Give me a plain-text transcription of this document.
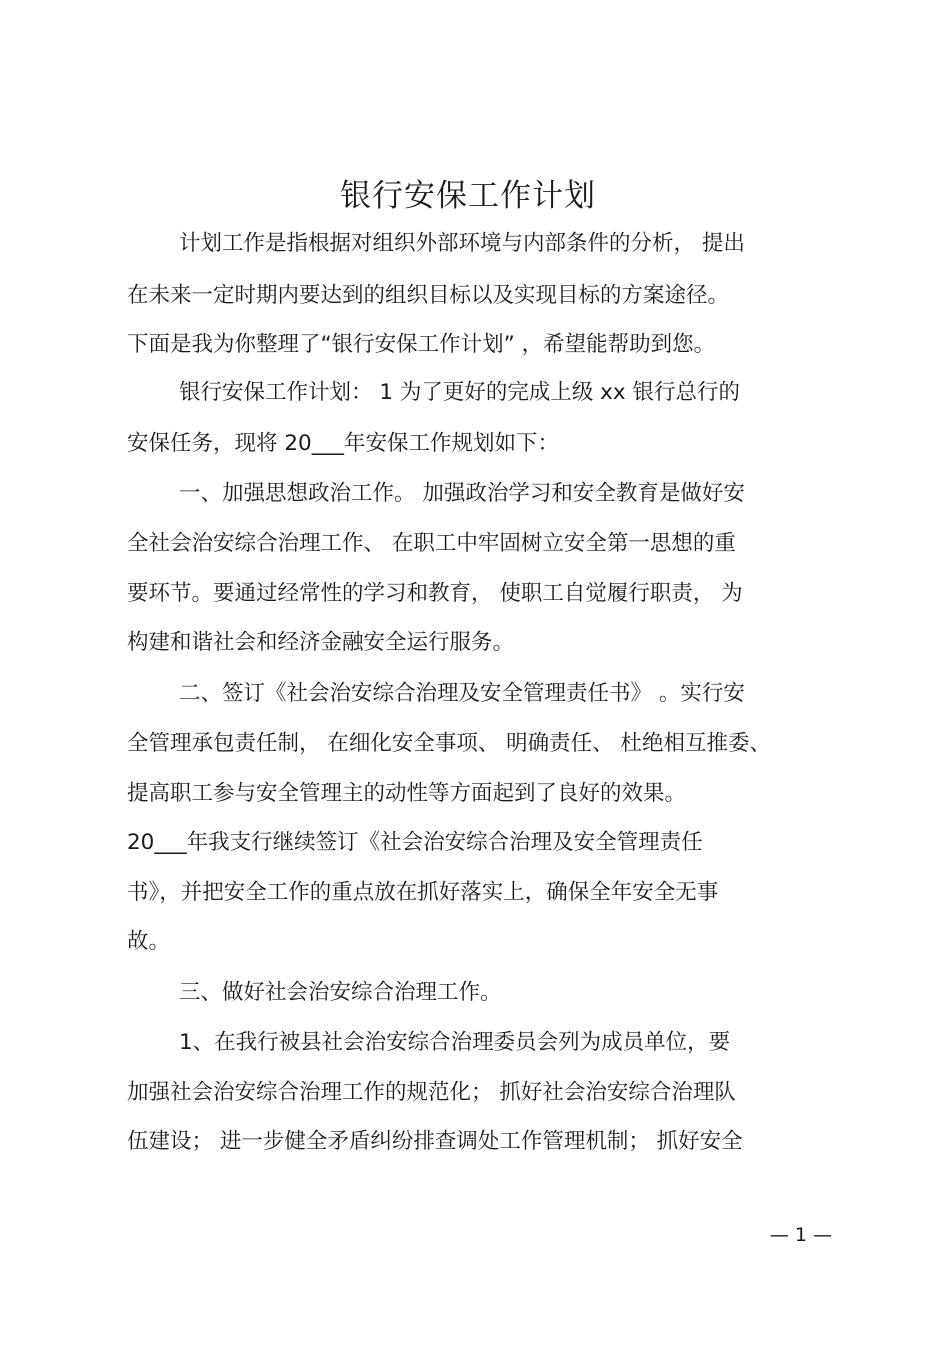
银行安保工作计划
计划工作是指根据对组织外部环境与内部条件的分析， 提出
在未来一定时期内要达到的组织目标以及实现目标的方案途径。
下面是我为你整理了“银行安保工作计划” ，希望能帮助到您。
银行安保工作计划： 1 为了更好的完成上级 xx 银行总行的
安保任务，现将 20___年安保工作规划如下：
一、加强思想政治工作。 加强政治学习和安全教育是做好安
全社会治安综合治理工作、 在职工中牢固树立安全第一思想的重
要环节。要通过经常性的学习和教育， 使职工自觉履行职责， 为
构建和谐社会和经济金融安全运行服务。
二、签订《社会治安综合治理及安全管理责任书》 。实行安
全管理承包责任制， 在细化安全事项、 明确责任、 杜绝相互推委、
提高职工参与安全管理主的动性等方面起到了良好的效果。
20___年我支行继续签订《社会治安综合治理及安全管理责任
书》，并把安全工作的重点放在抓好落实上，确保全年安全无事
故。
三、做好社会治安综合治理工作。
1、在我行被县社会治安综合治理委员会列为成员单位，要
加强社会治安综合治理工作的规范化； 抓好社会治安综合治理队
伍建设； 进一步健全矛盾纠纷排查调处工作管理机制； 抓好安全
— 1 —
